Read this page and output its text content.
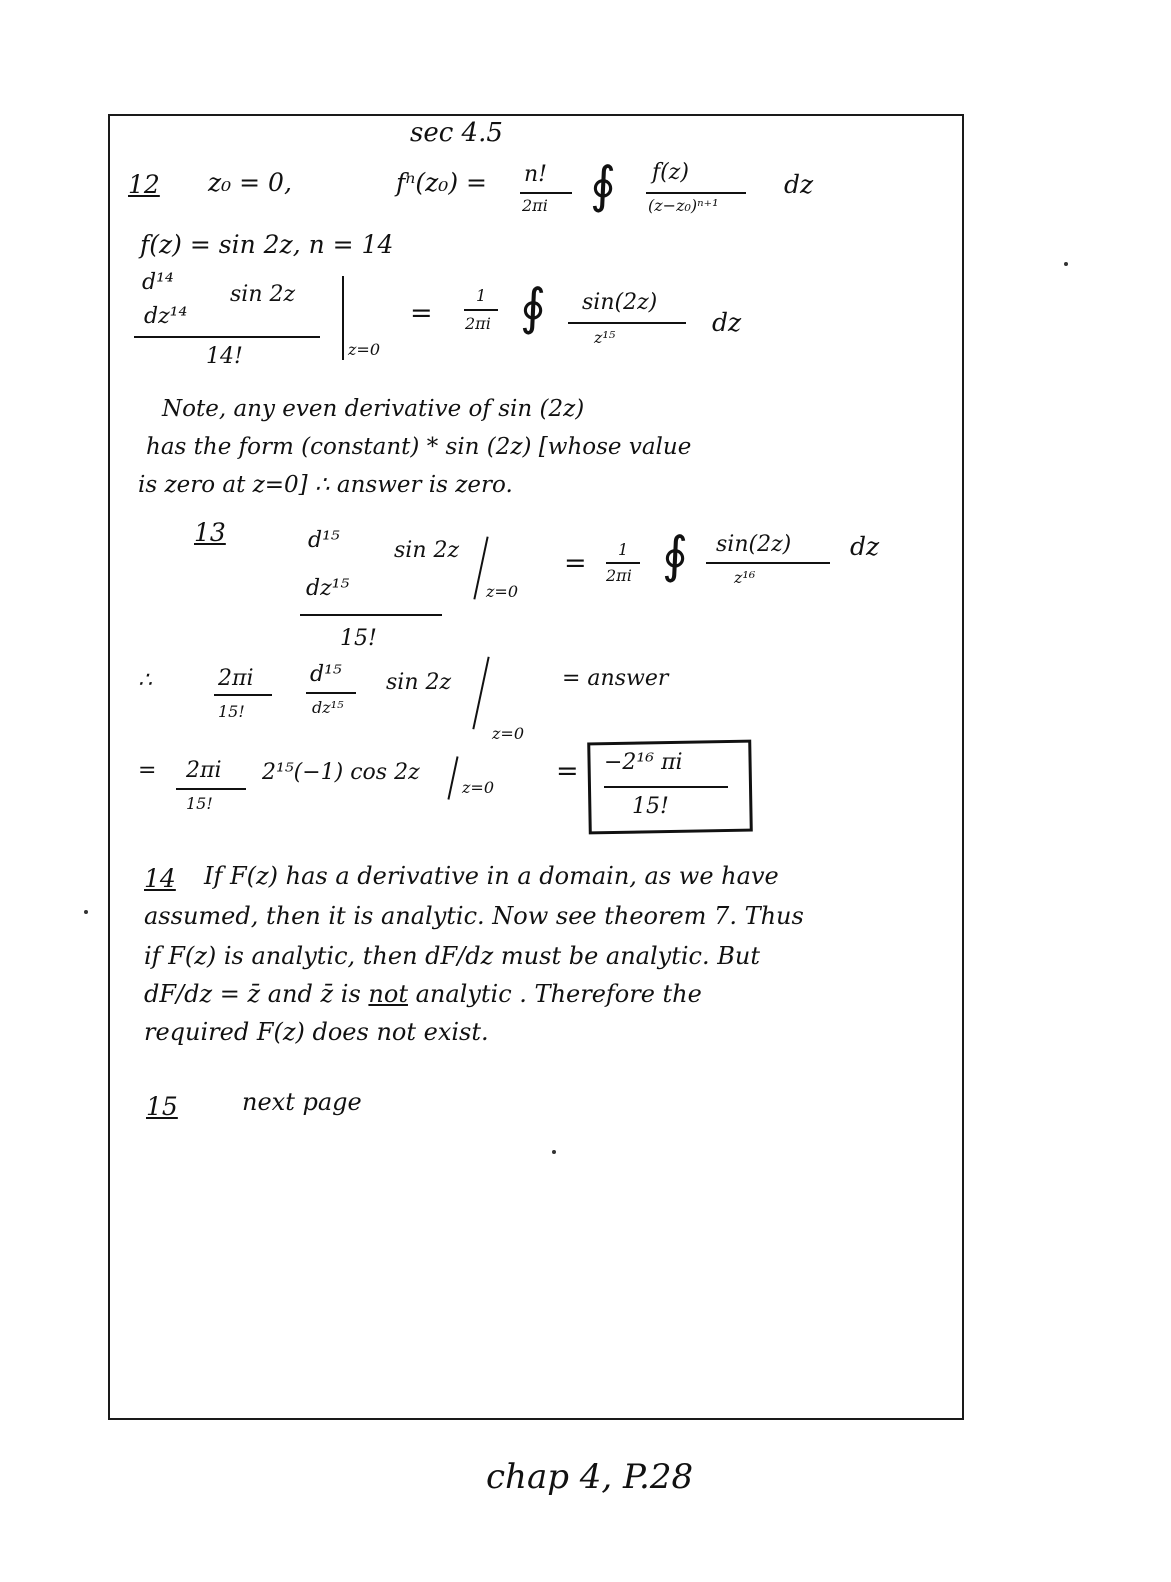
sec 4.5
12 z₀ = 0,	fⁿ(z₀) = n!
2πi ∮ f(z)
(z−z₀)ⁿ⁺¹
dz
f(z) = sin 2z, n = 14
d¹⁴	sin 2z
dz¹⁴
14!	z=0
=
1
2πi ∮ sin(2z)
z¹⁵
dz
Note, any even derivative of sin (2z)
has the form (constant) * sin (2z) [whose value
is zero at z=0] ∴ answer is zero.
13	d¹⁵ sin 2z
dz¹⁵	z=0
= 1
2πi ∮ sin(2z)
z¹⁶
dz
15!
∴	2πi
15!
d¹⁵
dz¹⁵
sin 2z
z=0
= answer
= 2πi
15!
2¹⁵(−1) cos 2z
z=0
= −2¹⁶ πi
15!
14 If F(z) has a derivative in a domain, as we have
assumed, then it is analytic. Now see theorem 7. Thus
if F(z) is analytic, then dF/dz must be analytic. But
dF/dz = z̄ and z̄ is not analytic . Therefore the
required F(z) does not exist.
15	next page
chap 4, P.28
